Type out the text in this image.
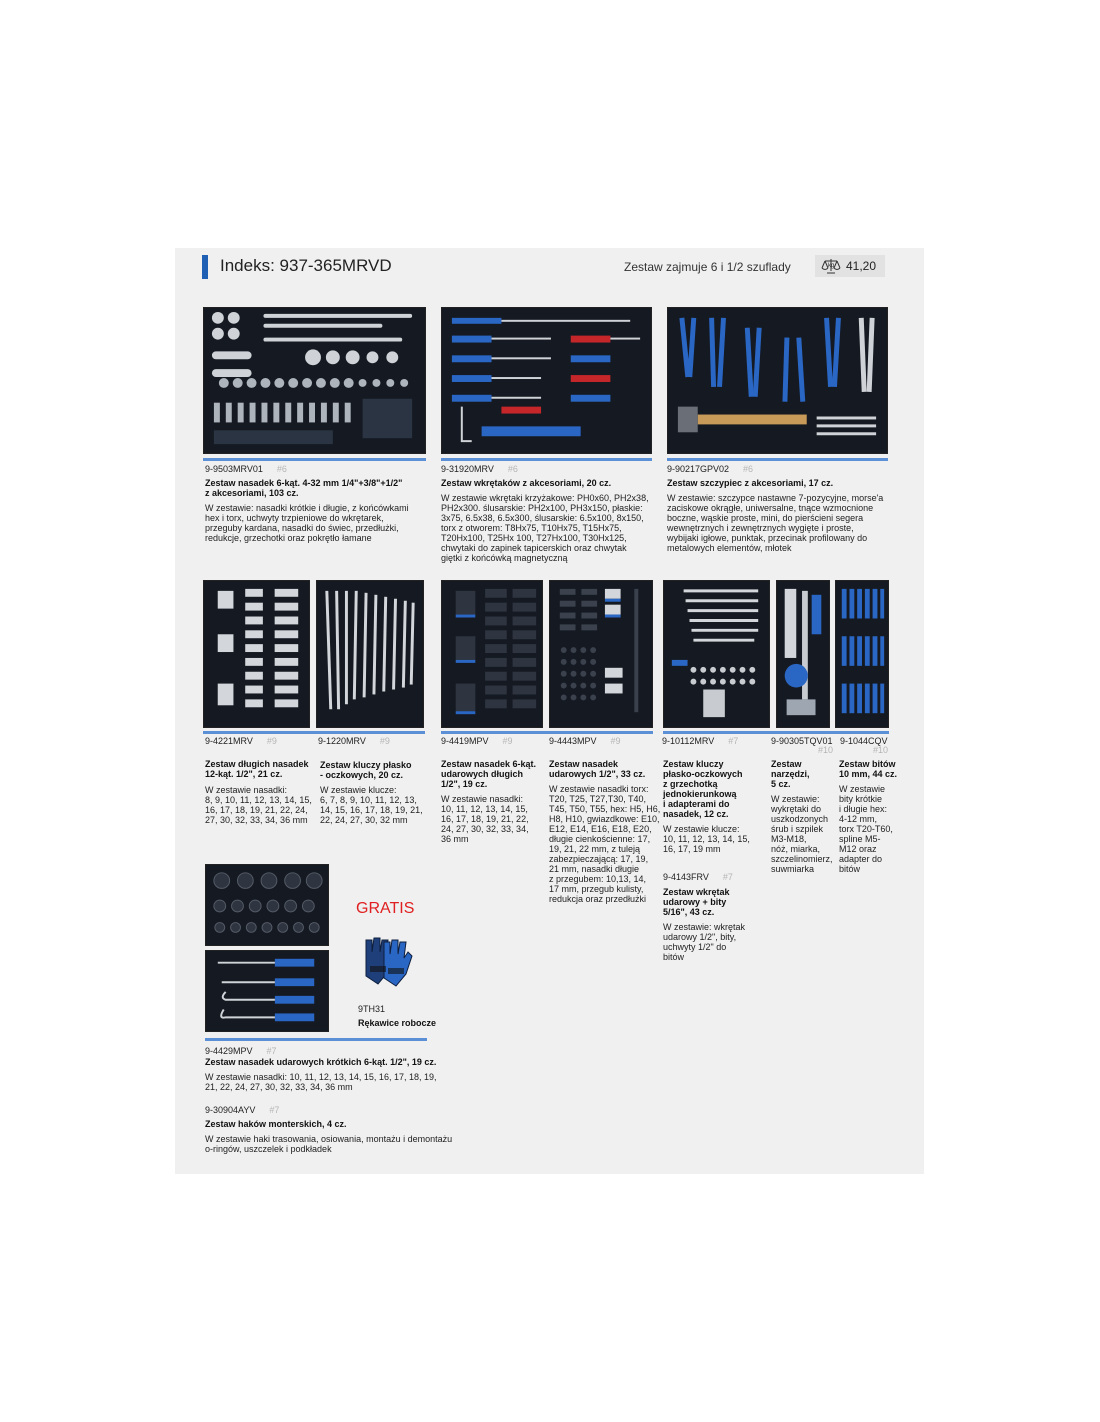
Indeks: 937-365MRVD	Zestaw zajmuje 6 i 1/2 szuflady	kg 41,20
9-9503MRV01 #6
Zestaw nasadek 6-kąt. 4-32 mm 1/4"+3/8"+1/2"
z akcesoriami, 103 cz.
W zestawie: nasadki krótkie i długie, z końcówkami
hex i torx, uchwyty trzpieniowe do wkrętarek,
przeguby kardana, nasadki do świec, przedłużki,
redukcje, grzechotki oraz pokrętło łamane
9-31920MRV #6
Zestaw wkrętaków z akcesoriami, 20 cz.
W zestawie wkrętaki krzyżakowe: PH0x60, PH2x38,
PH2x300. ślusarskie: PH2x100, PH3x150, płaskie:
3x75, 6.5x38, 6.5x300, ślusarskie: 6.5x100, 8x150,
torx z otworem: T8Hx75, T10Hx75, T15Hx75,
T20Hx100, T25Hx 100, T27Hx100, T30Hx125,
chwytaki do zapinek tapicerskich oraz chwytak
giętki z końcówką magnetyczną
9-90217GPV02 #6
Zestaw szczypiec z akcesoriami, 17 cz.
W zestawie: szczypce nastawne 7-pozycyjne, morse'a
zaciskowe okrągłe, uniwersalne, tnące wzmocnione
boczne, wąskie proste, mini, do pierścieni segera
wewnętrznych i zewnętrznych wygięte i proste,
wybijaki igłowe, punktak, przecinak profilowany do
metalowych elementów, młotek
9-4221MRV #9
Zestaw długich nasadek
12-kąt. 1/2", 21 cz.
W zestawie nasadki:
8, 9, 10, 11, 12, 13, 14, 15,
16, 17, 18, 19, 21, 22, 24,
27, 30, 32, 33, 34, 36 mm
9-1220MRV #9
Zestaw kluczy płasko
- oczkowych, 20 cz.
W zestawie klucze:
6, 7, 8, 9, 10, 11, 12, 13,
14, 15, 16, 17, 18, 19, 21,
22, 24, 27, 30, 32 mm
9-4419MPV #9
Zestaw nasadek 6-kąt.
udarowych długich
1/2", 19 cz.
W zestawie nasadki:
10, 11, 12, 13, 14, 15,
16, 17, 18, 19, 21, 22,
24, 27, 30, 32, 33, 34,
36 mm
9-4443MPV #9
Zestaw nasadek
udarowych 1/2", 33 cz.
W zestawie nasadki torx:
T20, T25, T27,T30, T40,
T45, T50, T55, hex: H5, H6,
H8, H10, gwiazdkowe: E10,
E12, E14, E16, E18, E20,
długie cienkościenne: 17,
19, 21, 22 mm, z tuleją
zabezpieczającą: 17, 19,
21 mm, nasadki długie
z przegubem: 10,13, 14,
17 mm, przegub kulisty,
redukcja oraz przedłużki
9-10112MRV #7
Zestaw kluczy
płasko-oczkowych
z grzechotką
jednokierunkową
i adapterami do
nasadek, 12 cz.
W zestawie klucze:
10, 11, 12, 13, 14, 15,
16, 17, 19 mm
9-4143FRV #7
Zestaw wkrętak
udarowy + bity
5/16", 43 cz.
W zestawie: wkrętak
udarowy 1/2", bity,
uchwyty 1/2" do
bitów
9-90305TQV01
#10
Zestaw
narzędzi,
5 cz.
W zestawie:
wykrętaki do
uszkodzonych
śrub i szpilek
M3-M18,
nóż, miarka,
szczelinomierz,
suwmiarka
9-1044CQV
#10
Zestaw bitów
10 mm, 44 cz.
W zestawie
bity krótkie
i długie hex:
4-12 mm,
torx T20-T60,
spline M5-
M12 oraz
adapter do
bitów
GRATIS
9TH31
Rękawice robocze
9-4429MPV #7
Zestaw nasadek udarowych krótkich 6-kąt. 1/2", 19 cz.
W zestawie nasadki: 10, 11, 12, 13, 14, 15, 16, 17, 18, 19,
21, 22, 24, 27, 30, 32, 33, 34, 36 mm
9-30904AYV #7
Zestaw haków monterskich, 4 cz.
W zestawie haki trasowania, osiowania, montażu i demontażu
o-ringów, uszczelek i podkładek
